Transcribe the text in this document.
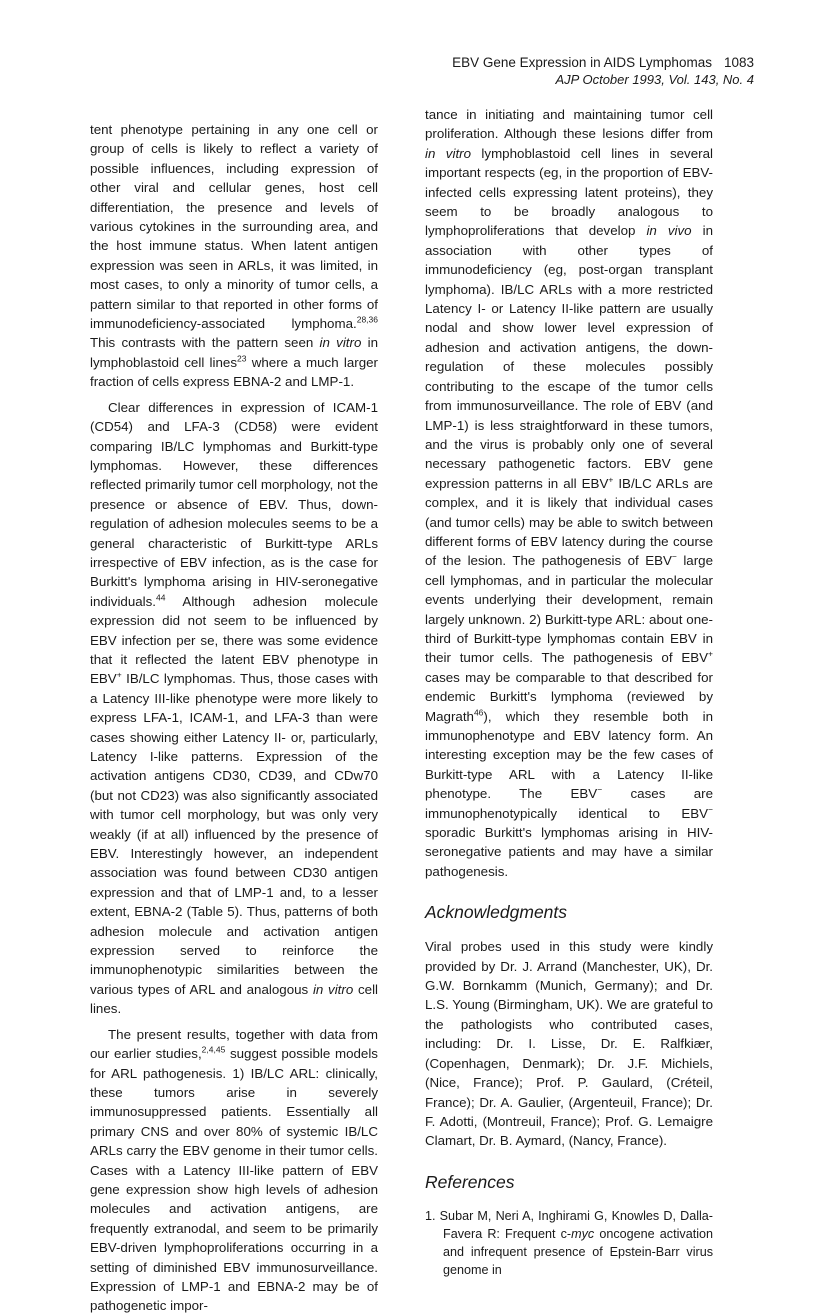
EBV Gene Expression in AIDS Lymphomas 1083
AJP October 1993, Vol. 143, No. 4

tent phenotype pertaining in any one cell or group of cells is likely to reflect a variety of possible influences, including expression of other viral and cellular genes, host cell differentiation, the presence and levels of various cytokines in the surrounding area, and the host immune status. When latent antigen expression was seen in ARLs, it was limited, in most cases, to only a minority of tumor cells, a pattern similar to that reported in other forms of immunodeficiency-associated lymphoma.$^{28,36}$ This contrasts with the pattern seen in vitro in lymphoblastoid cell lines$^{23}$ where a much larger fraction of cells express EBNA-2 and LMP-1.

Clear differences in expression of ICAM-1 (CD54) and LFA-3 (CD58) were evident comparing IB/LC lymphomas and Burkitt-type lymphomas. However, these differences reflected primarily tumor cell morphology, not the presence or absence of EBV. Thus, down-regulation of adhesion molecules seems to be a general characteristic of Burkitt-type ARLs irrespective of EBV infection, as is the case for Burkitt's lymphoma arising in HIV-seronegative individuals.$^{44}$ Although adhesion molecule expression did not seem to be influenced by EBV infection per se, there was some evidence that it reflected the latent EBV phenotype in EBV+ IB/LC lymphomas. Thus, those cases with a Latency III-like phenotype were more likely to express LFA-1, ICAM-1, and LFA-3 than were cases showing either Latency II- or, particularly, Latency I-like patterns. Expression of the activation antigens CD30, CD39, and CDw70 (but not CD23) was also significantly associated with tumor cell morphology, but was only very weakly (if at all) influenced by the presence of EBV. Interestingly however, an independent association was found between CD30 antigen expression and that of LMP-1 and, to a lesser extent, EBNA-2 (Table 5). Thus, patterns of both adhesion molecule and activation antigen expression served to reinforce the immunophenotypic similarities between the various types of ARL and analogous in vitro cell lines.

The present results, together with data from our earlier studies,$^{2,4,45}$ suggest possible models for ARL pathogenesis. 1) IB/LC ARL: clinically, these tumors arise in severely immunosuppressed patients. Essentially all primary CNS and over 80% of systemic IB/LC ARLs carry the EBV genome in their tumor cells. Cases with a Latency III-like pattern of EBV gene expression show high levels of adhesion molecules and activation antigens, are frequently extranodal, and seem to be primarily EBV-driven lymphoproliferations occurring in a setting of diminished EBV immunosurveillance. Expression of LMP-1 and EBNA-2 may be of pathogenetic impor-

tance in initiating and maintaining tumor cell proliferation. Although these lesions differ from in vitro lymphoblastoid cell lines in several important respects (eg, in the proportion of EBV-infected cells expressing latent proteins), they seem to be broadly analogous to lymphoproliferations that develop in vivo in association with other types of immunodeficiency (eg, post-organ transplant lymphoma). IB/LC ARLs with a more restricted Latency I- or Latency II-like pattern are usually nodal and show lower level expression of adhesion and activation antigens, the down-regulation of these molecules possibly contributing to the escape of the tumor cells from immunosurveillance. The role of EBV (and LMP-1) is less straightforward in these tumors, and the virus is probably only one of several necessary pathogenetic factors. EBV gene expression patterns in all EBV+ IB/LC ARLs are complex, and it is likely that individual cases (and tumor cells) may be able to switch between different forms of EBV latency during the course of the lesion. The pathogenesis of EBV− large cell lymphomas, and in particular the molecular events underlying their development, remain largely unknown. 2) Burkitt-type ARL: about one-third of Burkitt-type lymphomas contain EBV in their tumor cells. The pathogenesis of EBV+ cases may be comparable to that described for endemic Burkitt's lymphoma (reviewed by Magrath$^{46}$), which they resemble both in immunophenotype and EBV latency form. An interesting exception may be the few cases of Burkitt-type ARL with a Latency II-like phenotype. The EBV− cases are immunophenotypically identical to EBV− sporadic Burkitt's lymphomas arising in HIV-seronegative patients and may have a similar pathogenesis.

Acknowledgments

Viral probes used in this study were kindly provided by Dr. J. Arrand (Manchester, UK), Dr. G.W. Bornkamm (Munich, Germany); and Dr. L.S. Young (Birmingham, UK). We are grateful to the pathologists who contributed cases, including: Dr. I. Lisse, Dr. E. Ralfkiær, (Copenhagen, Denmark); Dr. J.F. Michiels, (Nice, France); Prof. P. Gaulard, (Créteil, France); Dr. A. Gaulier, (Argenteuil, France); Dr. F. Adotti, (Montreuil, France); Prof. G. Lemaigre Clamart, Dr. B. Aymard, (Nancy, France).

References

1. Subar M, Neri A, Inghirami G, Knowles D, Dalla-Favera R: Frequent c-myc oncogene activation and infrequent presence of Epstein-Barr virus genome in
